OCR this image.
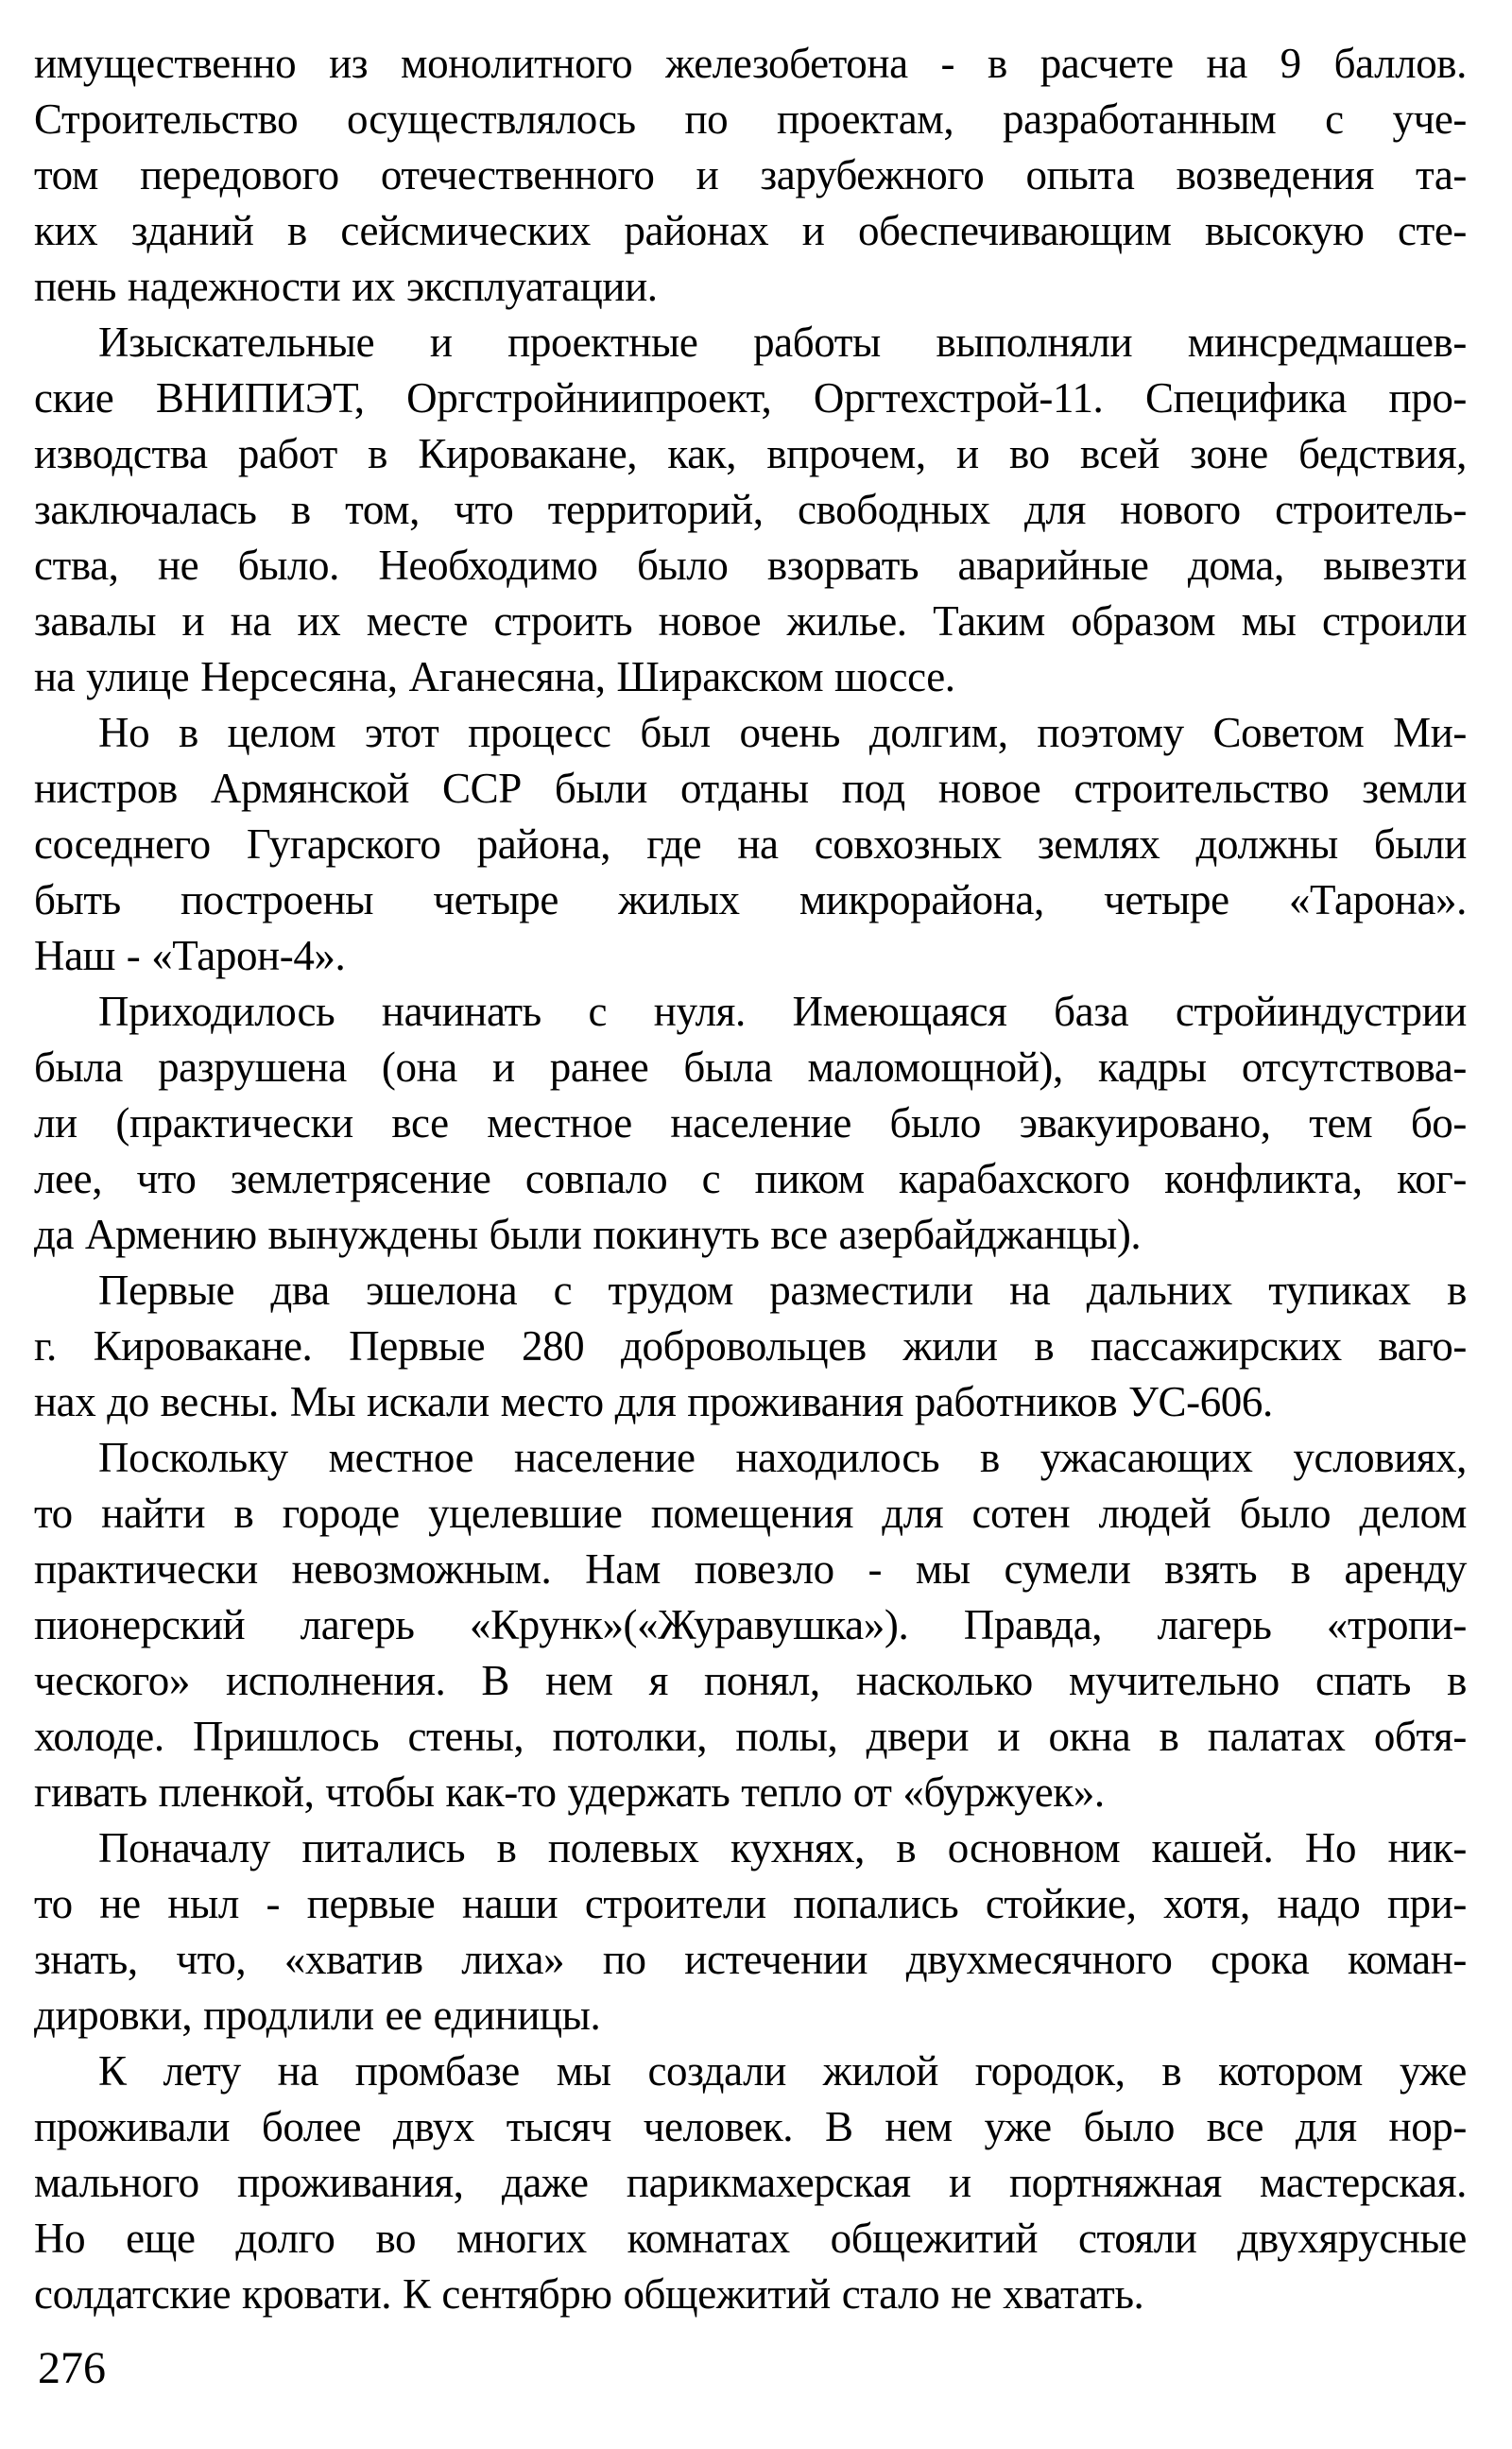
имущественно из монолитного железобетона - в расчете на 9 баллов.
Строительство осуществлялось по проектам, разработанным с уче-
том передового отечественного и зарубежного опыта возведения та-
ких зданий в сейсмических районах и обеспечивающим высокую сте-
пень надежности их эксплуатации.
Изыскательные и проектные работы выполняли минсредмашев-
ские ВНИПИЭТ, Оргстройниипроект, Оргтехстрой-11. Специфика про-
изводства работ в Кировакане, как, впрочем, и во всей зоне бедствия,
заключалась в том, что территорий, свободных для нового строитель-
ства, не было. Необходимо было взорвать аварийные дома, вывезти
завалы и на их месте строить новое жилье. Таким образом мы строили
на улице Нерсесяна, Аганесяна, Ширакском шоссе.
Но в целом этот процесс был очень долгим, поэтому Советом Ми-
нистров Армянской ССР были отданы под новое строительство земли
соседнего Гугарского района, где на совхозных землях должны были
быть построены четыре жилых микрорайона, четыре «Тарона».
Наш - «Тарон-4».
Приходилось начинать с нуля. Имеющаяся база стройиндустрии
была разрушена (она и ранее была маломощной), кадры отсутствова-
ли (практически все местное население было эвакуировано, тем бо-
лее, что землетрясение совпало с пиком карабахского конфликта, ког-
да Армению вынуждены были покинуть все азербайджанцы).
Первые два эшелона с трудом разместили на дальних тупиках в
г. Кировакане. Первые 280 добровольцев жили в пассажирских ваго-
нах до весны. Мы искали место для проживания работников УС-606.
Поскольку местное население находилось в ужасающих условиях,
то найти в городе уцелевшие помещения для сотен людей было делом
практически невозможным. Нам повезло - мы сумели взять в аренду
пионерский лагерь «Крунк»(«Журавушка»). Правда, лагерь «тропи-
ческого» исполнения. В нем я понял, насколько мучительно спать в
холоде. Пришлось стены, потолки, полы, двери и окна в палатах обтя-
гивать пленкой, чтобы как-то удержать тепло от «буржуек».
Поначалу питались в полевых кухнях, в основном кашей. Но ник-
то не ныл - первые наши строители попались стойкие, хотя, надо при-
знать, что, «хватив лиха» по истечении двухмесячного срока коман-
дировки, продлили ее единицы.
К лету на промбазе мы создали жилой городок, в котором уже
проживали более двух тысяч человек. В нем уже было все для нор-
мального проживания, даже парикмахерская и портняжная мастерская.
Но еще долго во многих комнатах общежитий стояли двухярусные
солдатские кровати. К сентябрю общежитий стало не хватать.
276
